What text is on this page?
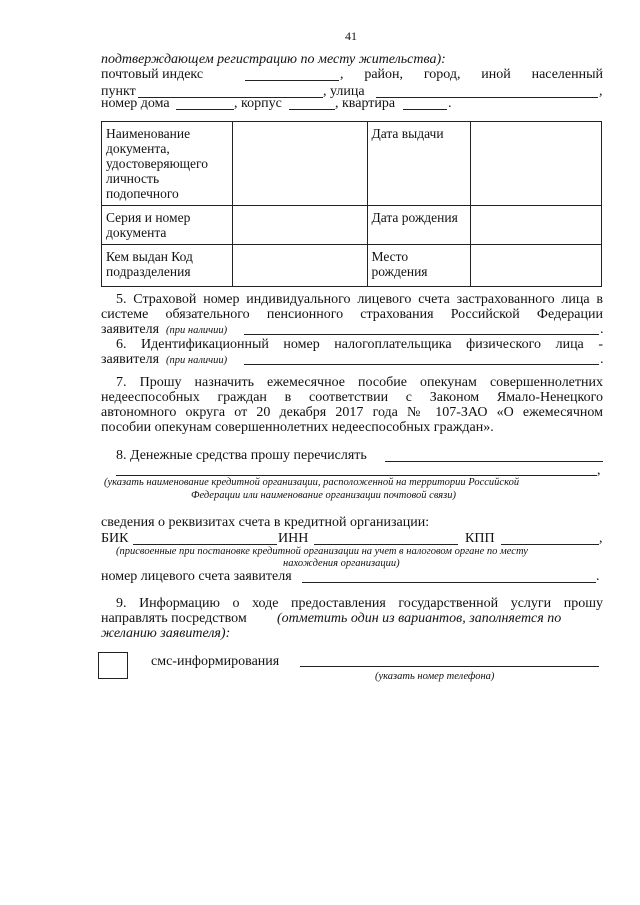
41
подтверждающем регистрацию по месту жительства):
почтовый индекс	, район, город, иной населенный
пункт	, улица	,
номер дома	, корпус	, квартира	.
Наименование документа, удостоверяющего личность подопечного		Дата выдачи	
Серия и номер документа		Дата рождения	
Кем выдан Код подразделения		Место рождения	
5. Страховой номер индивидуального лицевого счета застрахованного лица в
системе обязательного пенсионного страхования Российской Федерации
заявителя (при наличии)	.
6. Идентификационный номер налогоплательщика физического лица -
заявителя (при наличии)	.
7. Прошу назначить ежемесячное пособие опекунам совершеннолетних
недееспособных граждан в соответствии с Законом Ямало-Ненецкого
автономного округа от 20 декабря 2017 года № 107-ЗАО «О ежемесячном
пособии опекунам совершеннолетних недееспособных граждан».
8. Денежные средства прошу перечислять
,
(указать наименование кредитной организации, расположенной на территории Российской
Федерации или наименование организации почтовой связи)
сведения о реквизитах счета в кредитной организации:
БИК	ИНН	КПП	,
(присвоенные при постановке кредитной организации на учет в налоговом органе по месту
нахождения организации)
номер лицевого счета заявителя	.
9. Информацию о ходе предоставления государственной услуги прошу
направлять посредством (отметить один из вариантов, заполняется по
желанию заявителя):
смс-информирования
(указать номер телефона)
